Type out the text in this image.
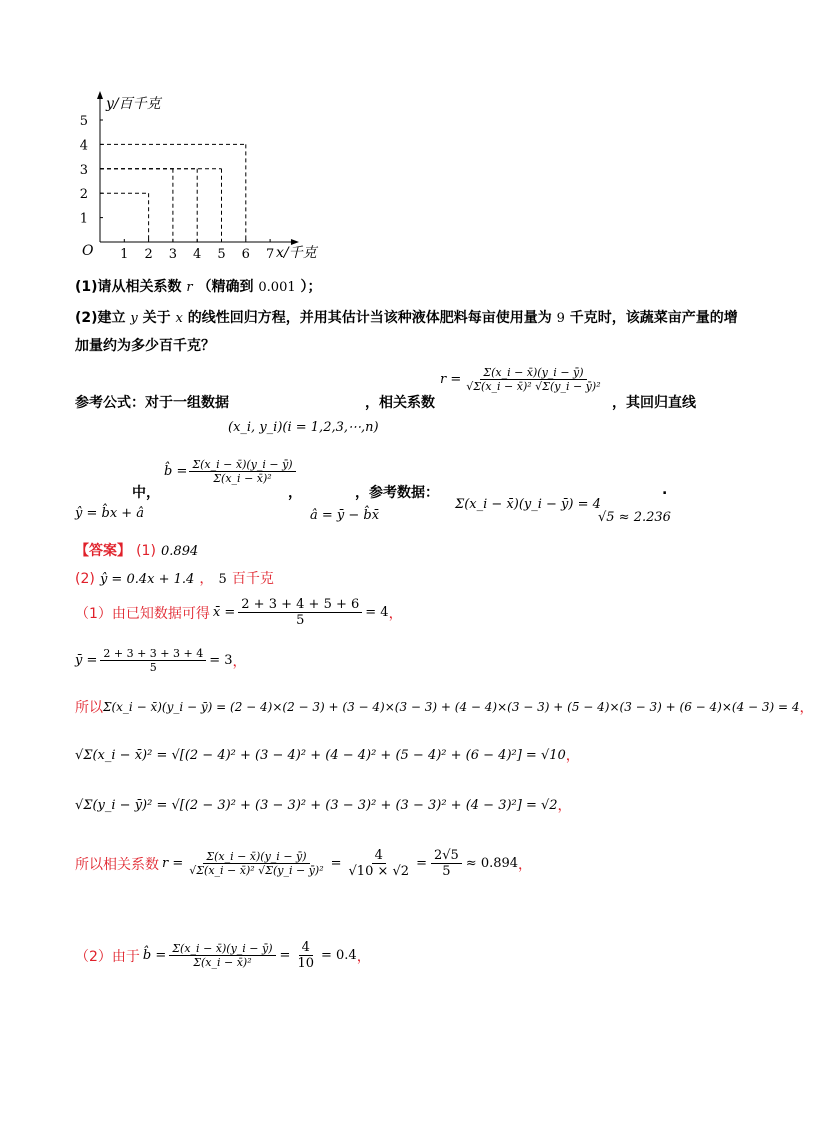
1 2 3 4 5 6 7
1
2
3
4
5
y/百千克
x/千克
O
(1)请从相关系数 r （精确到 0.001 ）；
(2)建立 y 关于 x 的线性回归方程，并用其估计当该种液体肥料每亩使用量为 9 千克时，该蔬菜亩产量的增
加量约为多少百千克？
参考公式：对于一组数据
(x_i, y_i)(i = 1,2,3,⋯,n)
，相关系数
$r = \frac{\Sigma(x\_i - x̄)(y\_i - ȳ)}{\text{√Σ(x\_i − x̄)² √Σ(y\_i − ȳ)²}}$
，其回归直线
ŷ = b̂x + â
中，
b̂ = $\frac{\Sigma(x\_i - x̄)(y\_i - ȳ)}{\text{Σ(x\_i − x̄)²}}$
，
â = ȳ − b̂x̄
，参考数据：
Σ(x_i − x̄)(y_i − ȳ) = 4
√5 ≈ 2.236
.
【答案】 (1) 0.894
(2) ŷ = 0.4x + 1.4 ， 5 百千克
（1）由已知数据可得 x̄ = $\frac{2 + 3 + 4 + 5 + 6}{5} = 4$ ，
ȳ = $\frac{2 + 3 + 3 + 3 + 4}{5} = 3$ ，
所以 Σ(x_i − x̄)(y_i − ȳ) = (2 − 4)×(2 − 3) + (3 − 4)×(3 − 3) + (4 − 4)×(3 − 3) + (5 − 4)×(3 − 3) + (6 − 4)×(4 − 3) = 4 ，
√Σ(x_i − x̄)² = √[(2 − 4)² + (3 − 4)² + (4 − 4)² + (5 − 4)² + (6 − 4)²] = √10 ，
√Σ(y_i − ȳ)² = √[(2 − 3)² + (3 − 3)² + (3 − 3)² + (3 − 3)² + (4 − 3)²] = √2 ，
所以相关系数 $r = \frac{\Sigma(x\_i - x̄)(y\_i - ȳ)}{\text{√Σ(x\_i − x̄)² √Σ(y\_i − ȳ)²}} = \frac{4}{√10 \times √2} = \frac{2√5}{5} \approx 0.894$ ，
（2）由于 b̂ = $\frac{\Sigma(x\_i - x̄)(y\_i - ȳ)}{\text{Σ(x\_i − x̄)²}} = \frac{4}{10} = 0.4$ ，
